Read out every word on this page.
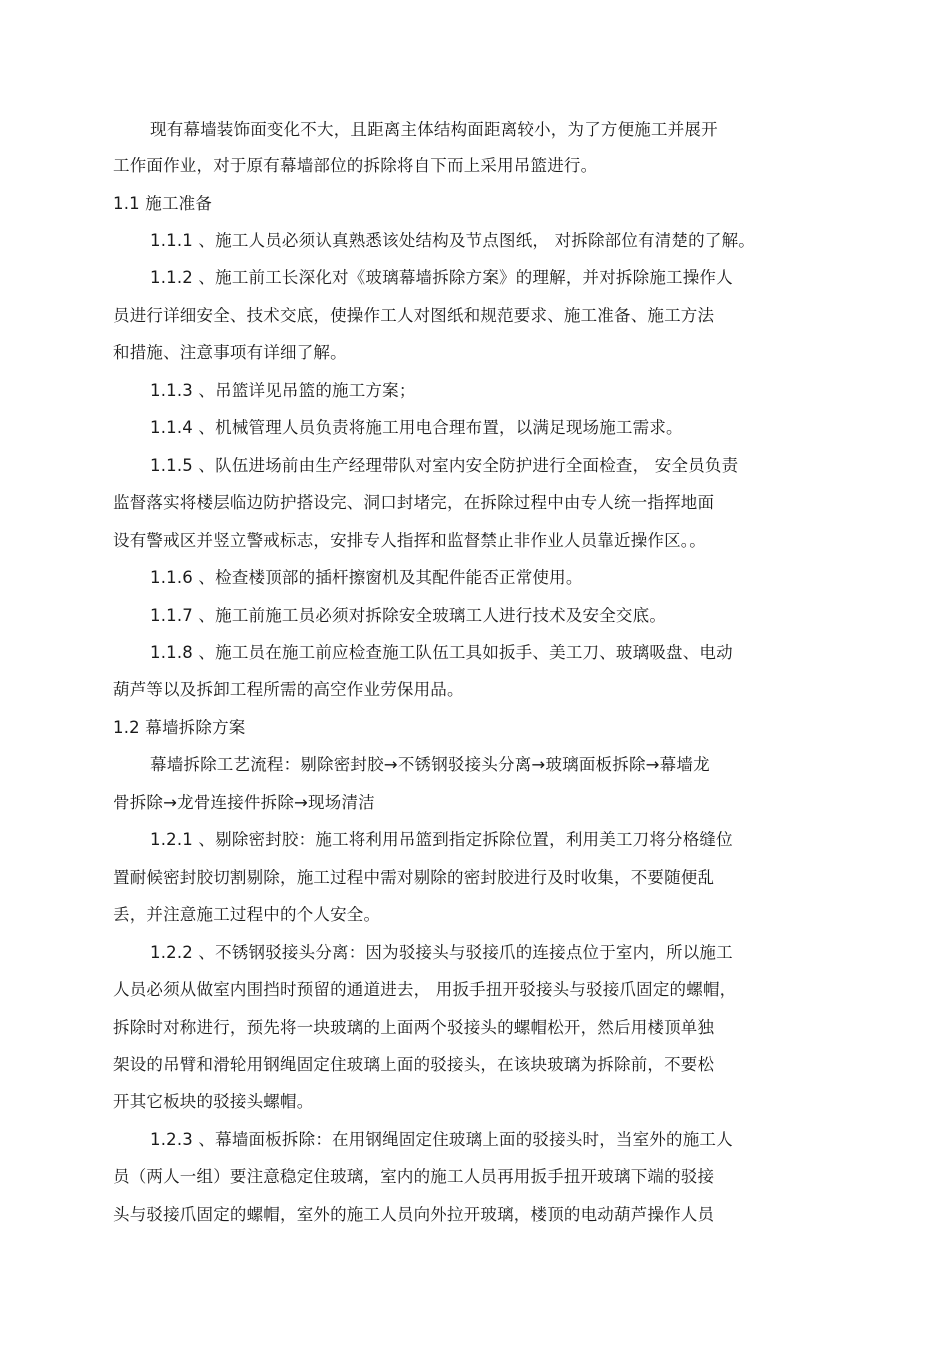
现有幕墙装饰面变化不大，且距离主体结构面距离较小，为了方便施工并展开
工作面作业，对于原有幕墙部位的拆除将自下而上采用吊篮进行。
1.1 施工准备
1.1.1 、施工人员必须认真熟悉该处结构及节点图纸， 对拆除部位有清楚的了解。
1.1.2 、施工前工长深化对《玻璃幕墙拆除方案》的理解，并对拆除施工操作人
员进行详细安全、技术交底，使操作工人对图纸和规范要求、施工准备、施工方法
和措施、注意事项有详细了解。
1.1.3 、吊篮详见吊篮的施工方案；
1.1.4 、机械管理人员负责将施工用电合理布置，以满足现场施工需求。
1.1.5 、队伍进场前由生产经理带队对室内安全防护进行全面检查， 安全员负责
监督落实将楼层临边防护搭设完、洞口封堵完，在拆除过程中由专人统一指挥地面
设有警戒区并竖立警戒标志，安排专人指挥和监督禁止非作业人员靠近操作区。。
1.1.6 、检查楼顶部的插杆擦窗机及其配件能否正常使用。
1.1.7 、施工前施工员必须对拆除安全玻璃工人进行技术及安全交底。
1.1.8 、施工员在施工前应检查施工队伍工具如扳手、美工刀、玻璃吸盘、电动
葫芦等以及拆卸工程所需的高空作业劳保用品。
1.2 幕墙拆除方案
幕墙拆除工艺流程：剔除密封胶→不锈钢驳接头分离→玻璃面板拆除→幕墙龙
骨拆除→龙骨连接件拆除→现场清洁
1.2.1 、剔除密封胶：施工将利用吊篮到指定拆除位置，利用美工刀将分格缝位
置耐候密封胶切割剔除，施工过程中需对剔除的密封胶进行及时收集，不要随便乱
丢，并注意施工过程中的个人安全。
1.2.2 、不锈钢驳接头分离：因为驳接头与驳接爪的连接点位于室内，所以施工
人员必须从做室内围挡时预留的通道进去， 用扳手扭开驳接头与驳接爪固定的螺帽，
拆除时对称进行，预先将一块玻璃的上面两个驳接头的螺帽松开，然后用楼顶单独
架设的吊臂和滑轮用钢绳固定住玻璃上面的驳接头，在该块玻璃为拆除前，不要松
开其它板块的驳接头螺帽。
1.2.3 、幕墙面板拆除：在用钢绳固定住玻璃上面的驳接头时，当室外的施工人
员（两人一组）要注意稳定住玻璃，室内的施工人员再用扳手扭开玻璃下端的驳接
头与驳接爪固定的螺帽，室外的施工人员向外拉开玻璃，楼顶的电动葫芦操作人员
